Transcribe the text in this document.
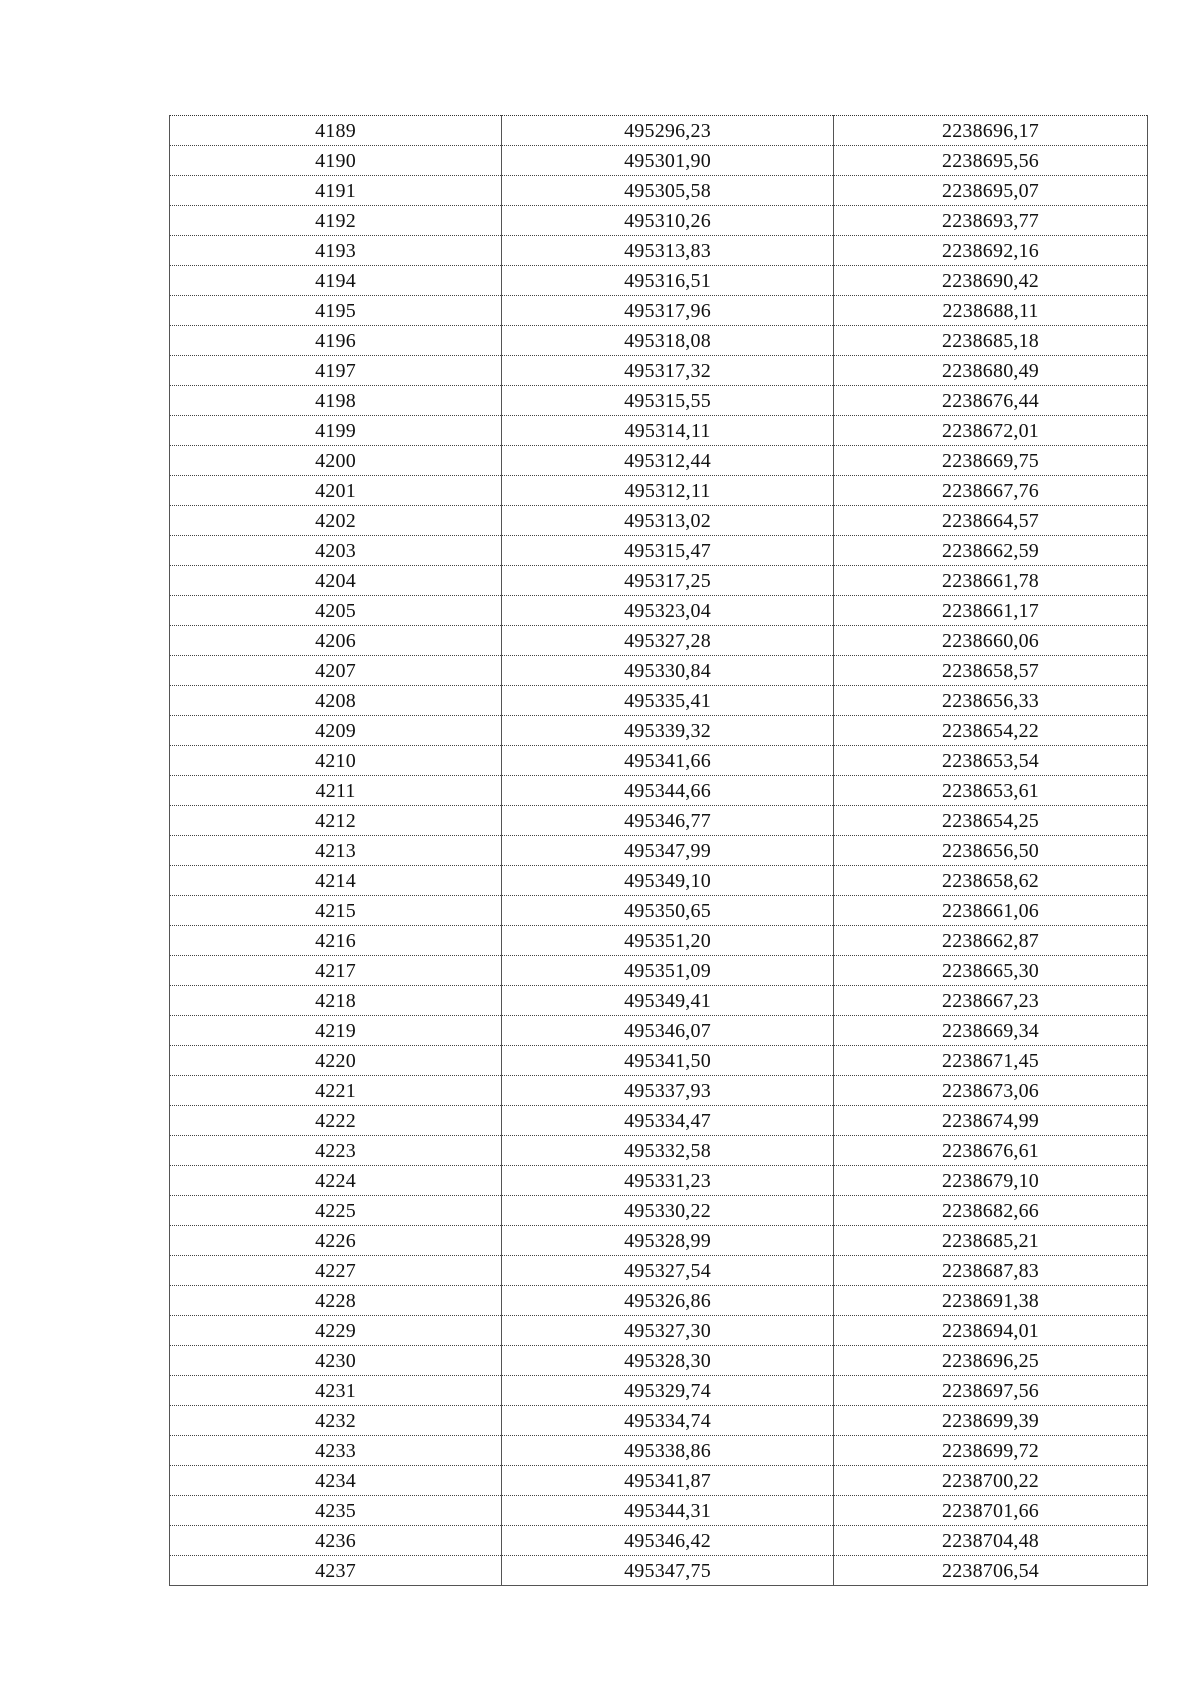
4189	495296,23	2238696,17
4190	495301,90	2238695,56
4191	495305,58	2238695,07
4192	495310,26	2238693,77
4193	495313,83	2238692,16
4194	495316,51	2238690,42
4195	495317,96	2238688,11
4196	495318,08	2238685,18
4197	495317,32	2238680,49
4198	495315,55	2238676,44
4199	495314,11	2238672,01
4200	495312,44	2238669,75
4201	495312,11	2238667,76
4202	495313,02	2238664,57
4203	495315,47	2238662,59
4204	495317,25	2238661,78
4205	495323,04	2238661,17
4206	495327,28	2238660,06
4207	495330,84	2238658,57
4208	495335,41	2238656,33
4209	495339,32	2238654,22
4210	495341,66	2238653,54
4211	495344,66	2238653,61
4212	495346,77	2238654,25
4213	495347,99	2238656,50
4214	495349,10	2238658,62
4215	495350,65	2238661,06
4216	495351,20	2238662,87
4217	495351,09	2238665,30
4218	495349,41	2238667,23
4219	495346,07	2238669,34
4220	495341,50	2238671,45
4221	495337,93	2238673,06
4222	495334,47	2238674,99
4223	495332,58	2238676,61
4224	495331,23	2238679,10
4225	495330,22	2238682,66
4226	495328,99	2238685,21
4227	495327,54	2238687,83
4228	495326,86	2238691,38
4229	495327,30	2238694,01
4230	495328,30	2238696,25
4231	495329,74	2238697,56
4232	495334,74	2238699,39
4233	495338,86	2238699,72
4234	495341,87	2238700,22
4235	495344,31	2238701,66
4236	495346,42	2238704,48
4237	495347,75	2238706,54
